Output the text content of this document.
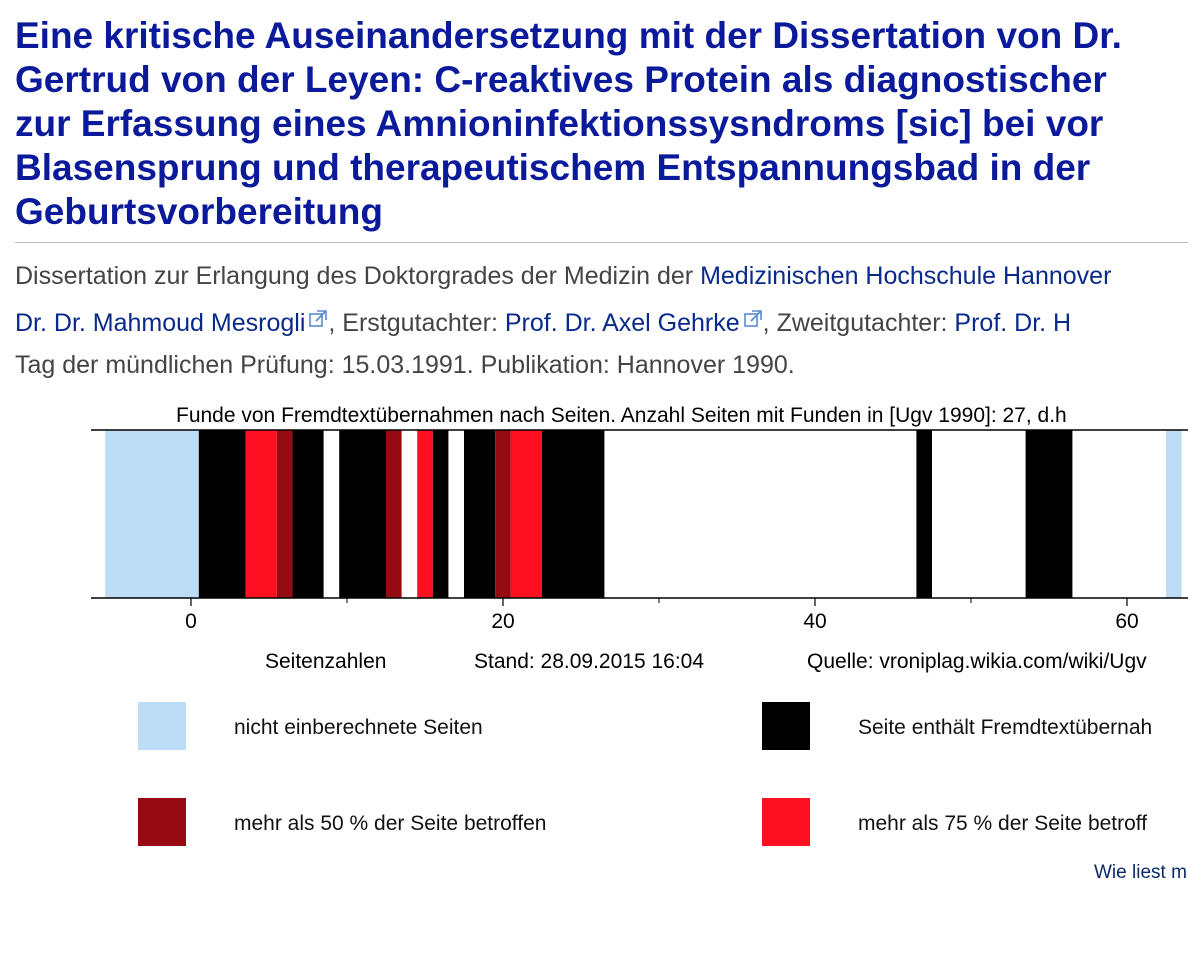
Eine kritische Auseinandersetzung mit der Dissertation von Dr.
Gertrud von der Leyen: C-reaktives Protein als diagnostischer
zur Erfassung eines Amnioninfektionssysndroms [sic] bei vor
Blasensprung und therapeutischem Entspannungsbad in der
Geburtsvorbereitung
Dissertation zur Erlangung des Doktorgrades der Medizin der Medizinischen Hochschule Hannover
Dr. Dr. Mahmoud Mesrogli , Erstgutachter: Prof. Dr. Axel Gehrke , Zweitgutachter: Prof. Dr. H
Tag der mündlichen Prüfung: 15.03.1991. Publikation: Hannover 1990.
Funde von Fremdtextübernahmen nach Seiten. Anzahl Seiten mit Funden in [Ugv 1990]: 27, d.h
0	20	40	60
Seitenzahlen	Stand: 28.09.2015 16:04	Quelle: vroniplag.wikia.com/wiki/Ugv
nicht einberechnete Seiten	Seite enthält Fremdtextübernah
mehr als 50 % der Seite betroffen	mehr als 75 % der Seite betroff
Wie liest m
